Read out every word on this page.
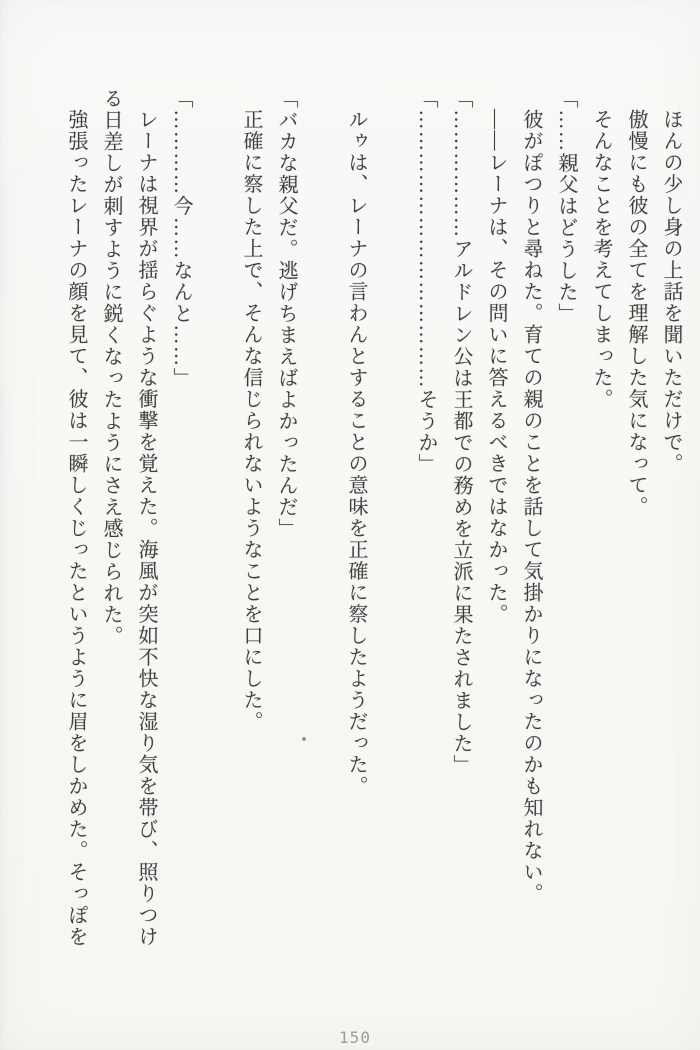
ほんの少し身の上話を聞いただけで。

傲慢にも彼の全てを理解した気になって。

そんなことを考えてしまった。

「……親父はどうした」

彼がぽつりと尋ねた。育ての親のことを話して気掛かりになったのかも知れない。

――レーナは、その問いに答えるべきではなかった。

「………………アルドレン公は王都での務めを立派に果たされました」

「…………………………………そうか」

ルゥは、レーナの言わんとすることの意味を正確に察したようだった。

「バカな親父だ。逃げちまえばよかったんだ」

正確に察した上で、そんな信じられないようなことを口にした。

「…………今……なんと……」

レーナは視界が揺らぐような衝撃を覚えた。海風が突如不快な湿り気を帯び、照りつけ

る日差しが刺すように鋭くなったようにさえ感じられた。

強張ったレーナの顔を見て、彼は一瞬しくじったというように眉をしかめた。そっぽを

150
